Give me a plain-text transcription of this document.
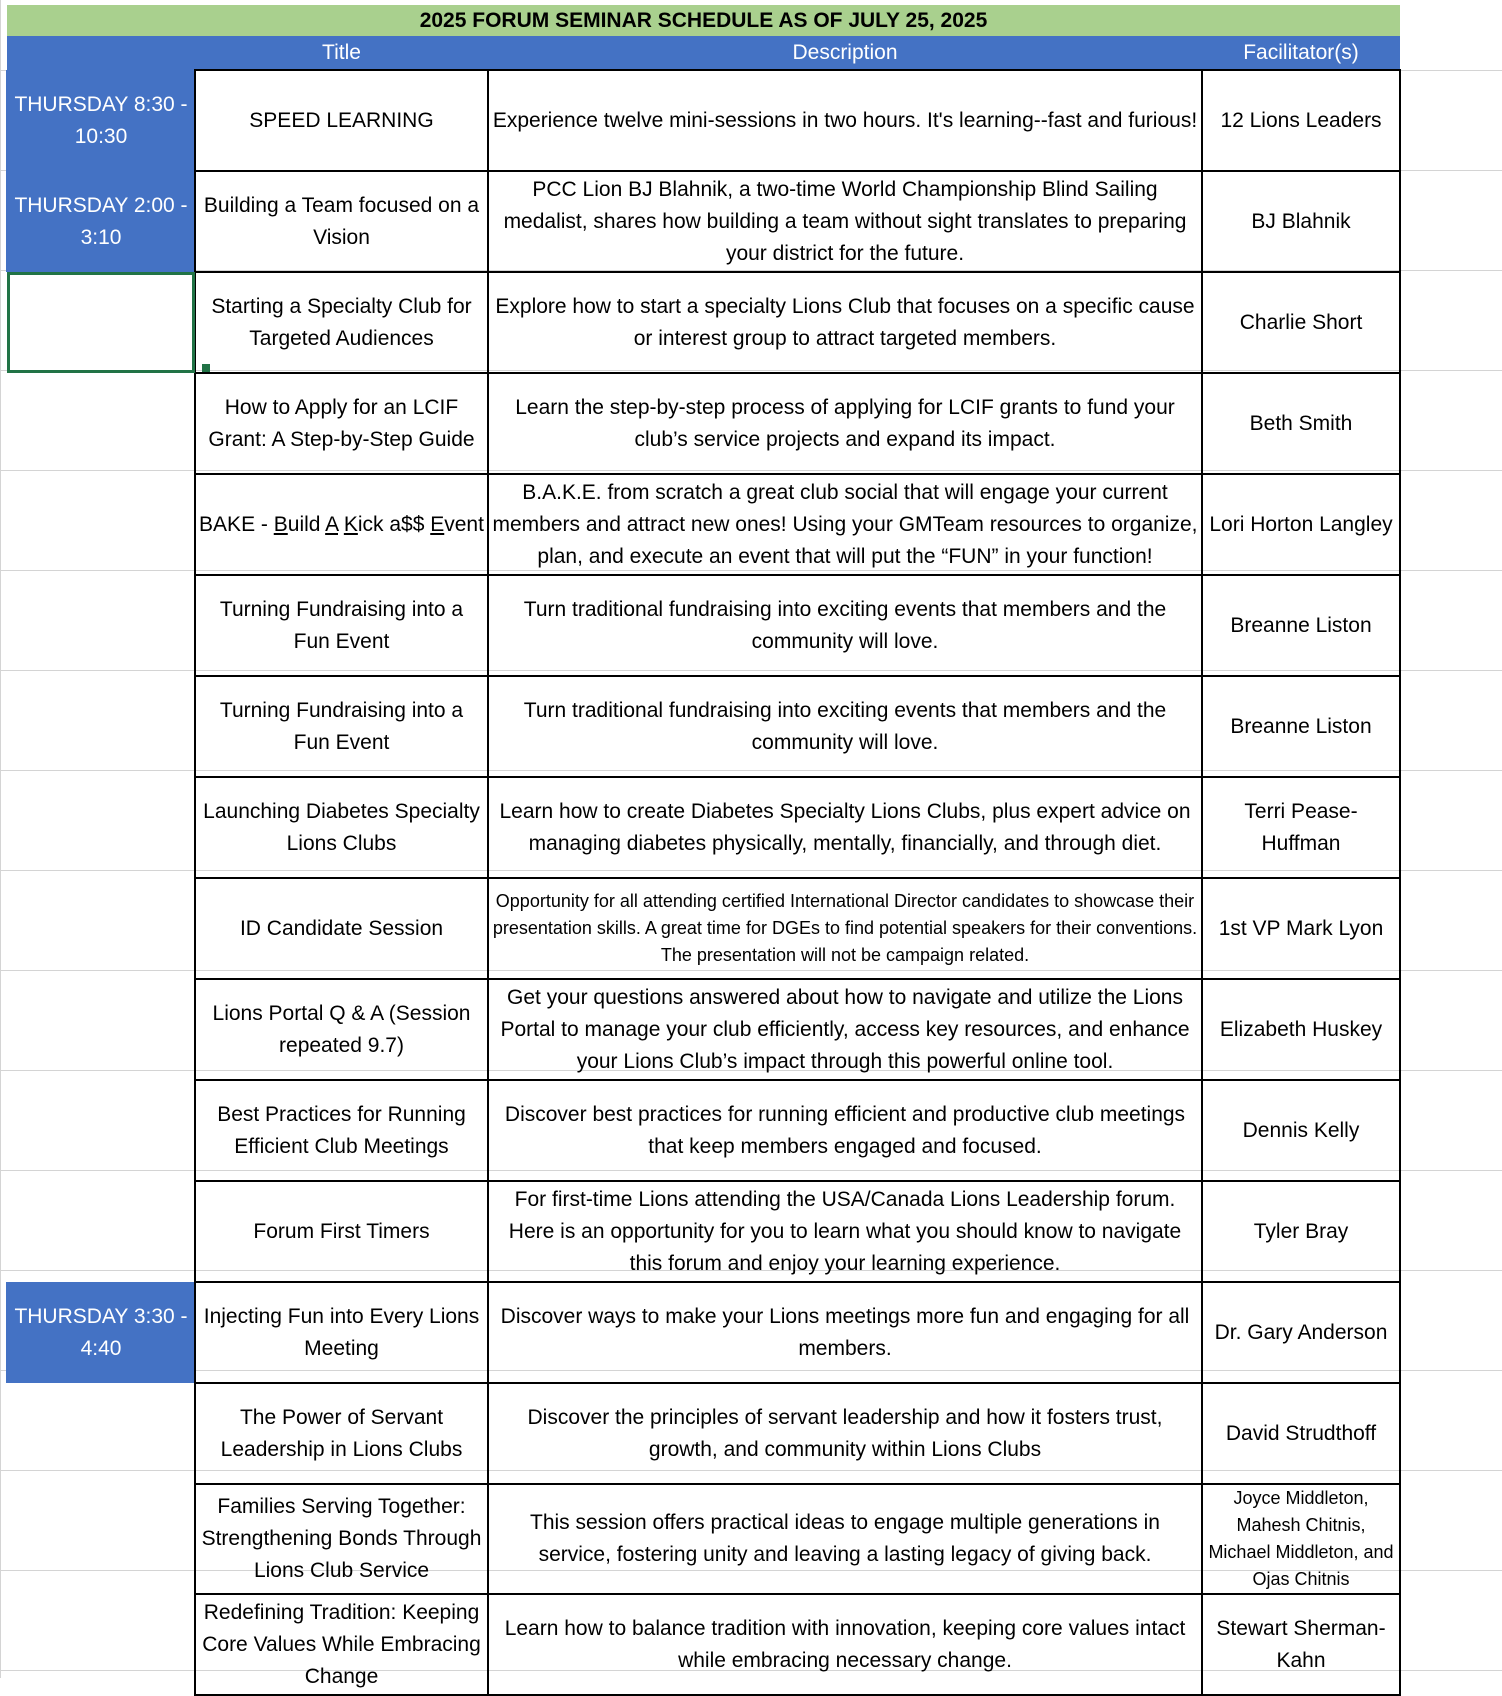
2025 FORUM SEMINAR SCHEDULE AS OF JULY 25, 2025			
	Title	Description	Facilitator(s)
THURSDAY 8:30 - 10:30	SPEED LEARNING	Experience twelve mini-sessions in two hours. It's learning--fast and furious!	12 Lions Leaders
THURSDAY 2:00 - 3:10	Building a Team focused on a Vision	PCC Lion BJ Blahnik, a two-time World Championship Blind Sailing medalist, shares how building a team without sight translates to preparing your district for the future.	BJ Blahnik
	Starting a Specialty Club for Targeted Audiences	Explore how to start a specialty Lions Club that focuses on a specific cause or interest group to attract targeted members.	Charlie Short
	How to Apply for an LCIF Grant: A Step-by-Step Guide	Learn the step-by-step process of applying for LCIF grants to fund your club’s service projects and expand its impact.	Beth Smith
	BAKE - Build A Kick a$$ Event	B.A.K.E. from scratch a great club social that will engage your current members and attract new ones! Using your GMTeam resources to organize, plan, and execute an event that will put the “FUN” in your function!	Lori Horton Langley
	Turning Fundraising into a Fun Event	Turn traditional fundraising into exciting events that members and the community will love.	Breanne Liston
	Turning Fundraising into a Fun Event	Turn traditional fundraising into exciting events that members and the community will love.	Breanne Liston
	Launching Diabetes Specialty Lions Clubs	Learn how to create Diabetes Specialty Lions Clubs, plus expert advice on managing diabetes physically, mentally, financially, and through diet.	Terri Pease-Huffman
	ID Candidate Session	Opportunity for all attending certified International Director candidates to showcase their presentation skills. A great time for DGEs to find potential speakers for their conventions. The presentation will not be campaign related.	1st VP Mark Lyon
	Lions Portal Q & A (Session repeated 9.7)	Get your questions answered about how to navigate and utilize the Lions Portal to manage your club efficiently, access key resources, and enhance your Lions Club’s impact through this powerful online tool.	Elizabeth Huskey
	Best Practices for Running Efficient Club Meetings	Discover best practices for running efficient and productive club meetings that keep members engaged and focused.	Dennis Kelly
	Forum First Timers	For first-time Lions attending the USA/Canada Lions Leadership forum. Here is an opportunity for you to learn what you should know to navigate this forum and enjoy your learning experience.	Tyler Bray
THURSDAY 3:30 - 4:40	Injecting Fun into Every Lions Meeting	Discover ways to make your Lions meetings more fun and engaging for all members.	Dr. Gary Anderson
	The Power of Servant Leadership in Lions Clubs	Discover the principles of servant leadership and how it fosters trust, growth, and community within Lions Clubs	David Strudthoff
	Families Serving Together: Strengthening Bonds Through Lions Club Service	This session offers practical ideas to engage multiple generations in service, fostering unity and leaving a lasting legacy of giving back.	Joyce Middleton, Mahesh Chitnis, Michael Middleton, and Ojas Chitnis
	Redefining Tradition: Keeping Core Values While Embracing Change	Learn how to balance tradition with innovation, keeping core values intact while embracing necessary change.	Stewart Sherman-Kahn
